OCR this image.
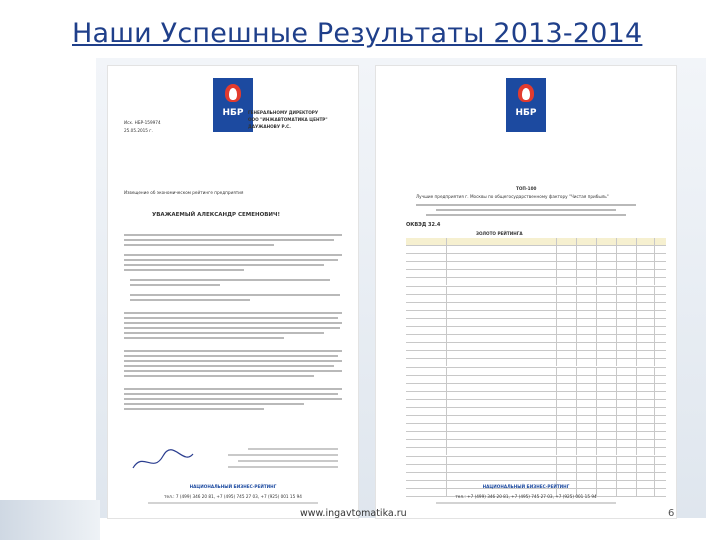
Наши Успешные Результаты 2013-2014
НБР
Исх. НБР-159974
25.05.2015 г.
ГЕНЕРАЛЬНОМУ ДИРЕКТОРУ
ООО "ИНЖАВТОМАТИКА ЦЕНТР"
ДАУЖАНОВУ Р.С.
Извещение об экономическом рейтинге предприятия
УВАЖАЕМЫЙ АЛЕКСАНДР СЕМЕНОВИЧ!
НАЦИОНАЛЬНЫЙ БИЗНЕС-РЕЙТИНГ
тел.: 7 (499) 346 20 81, +7 (495) 745 27 03, +7 (925) 001 15 94
НБР
ТОП-100
Лучшие предприятия г. Москвы по общегосударственному фактору "Чистая прибыль"
ОКВЭД 32.4
ЗОЛОТО РЕЙТИНГА
НАЦИОНАЛЬНЫЙ БИЗНЕС-РЕЙТИНГ
тел.: +7 (499) 346 20 81, +7 (495) 745 27 03, +7 (925) 001 15 94
www.ingavtomatika.ru	6
